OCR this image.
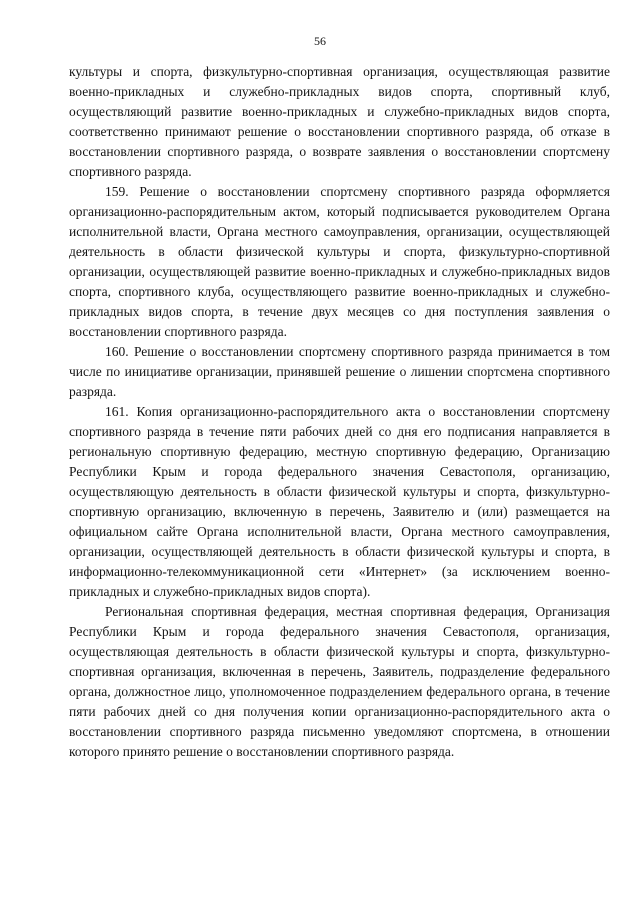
56

культуры и спорта, физкультурно-спортивная организация, осуществляющая развитие военно-прикладных и служебно-прикладных видов спорта, спортивный клуб, осуществляющий развитие военно-прикладных и служебно-прикладных видов спорта, соответственно принимают решение о восстановлении спортивного разряда, об отказе в восстановлении спортивного разряда, о возврате заявления о восстановлении спортсмену спортивного разряда.

159. Решение о восстановлении спортсмену спортивного разряда оформляется организационно-распорядительным актом, который подписывается руководителем Органа исполнительной власти, Органа местного самоуправления, организации, осуществляющей деятельность в области физической культуры и спорта, физкультурно-спортивной организации, осуществляющей развитие военно-прикладных и служебно-прикладных видов спорта, спортивного клуба, осуществляющего развитие военно-прикладных и служебно-прикладных видов спорта, в течение двух месяцев со дня поступления заявления о восстановлении спортивного разряда.

160. Решение о восстановлении спортсмену спортивного разряда принимается в том числе по инициативе организации, принявшей решение о лишении спортсмена спортивного разряда.

161. Копия организационно-распорядительного акта о восстановлении спортсмену спортивного разряда в течение пяти рабочих дней со дня его подписания направляется в региональную спортивную федерацию, местную спортивную федерацию, Организацию Республики Крым и города федерального значения Севастополя, организацию, осуществляющую деятельность в области физической культуры и спорта, физкультурно-спортивную организацию, включенную в перечень, Заявителю и (или) размещается на официальном сайте Органа исполнительной власти, Органа местного самоуправления, организации, осуществляющей деятельность в области физической культуры и спорта, в информационно-телекоммуникационной сети «Интернет» (за исключением военно-прикладных и служебно-прикладных видов спорта).

Региональная спортивная федерация, местная спортивная федерация, Организация Республики Крым и города федерального значения Севастополя, организация, осуществляющая деятельность в области физической культуры и спорта, физкультурно-спортивная организация, включенная в перечень, Заявитель, подразделение федерального органа, должностное лицо, уполномоченное подразделением федерального органа, в течение пяти рабочих дней со дня получения копии организационно-распорядительного акта о восстановлении спортивного разряда письменно уведомляют спортсмена, в отношении которого принято решение о восстановлении спортивного разряда.
